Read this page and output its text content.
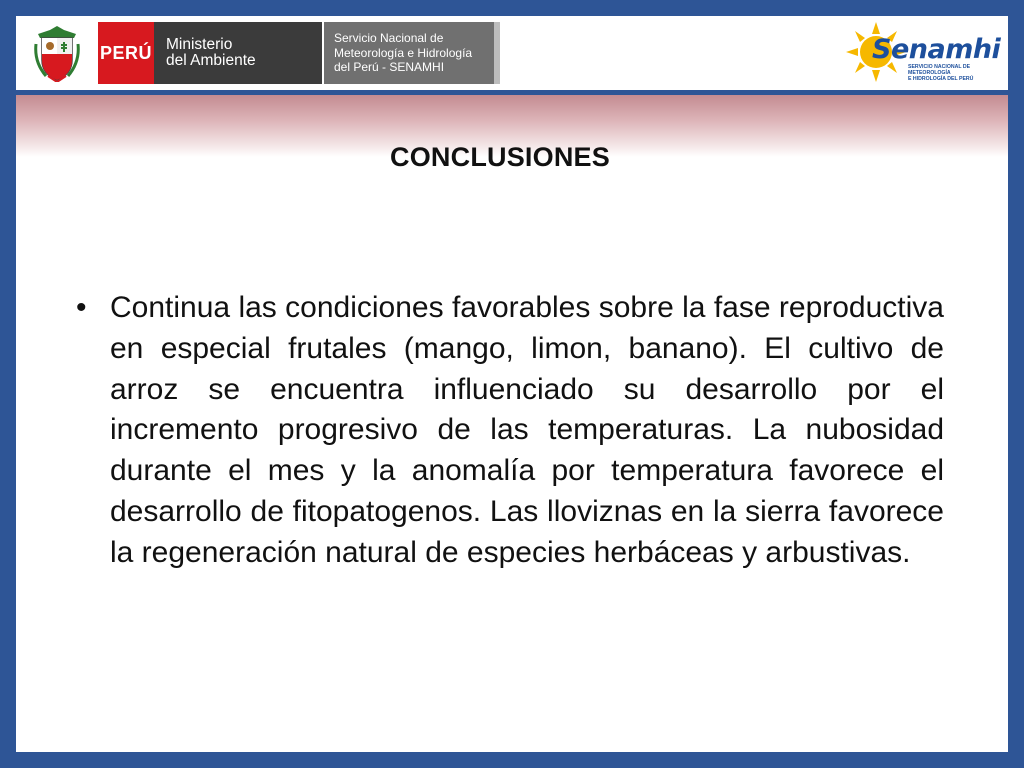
PERÚ Ministerio
del Ambiente
Servicio Nacional de
Meteorología e Hidrología
del Perú - SENAMHI
Senamhi
SERVICIO NACIONAL DE METEOROLOGÍA
E HIDROLOGÍA DEL PERÚ
CONCLUSIONES
• Continua las condiciones favorables sobre la fase reproductiva en especial frutales (mango, limon, banano). El cultivo de arroz se encuentra influenciado su desarrollo por el incremento progresivo de las temperaturas. La nubosidad durante el mes y la anomalía por temperatura favorece el desarrollo de fitopatogenos. Las lloviznas en la sierra favorece la regeneración natural de especies herbáceas y arbustivas.
